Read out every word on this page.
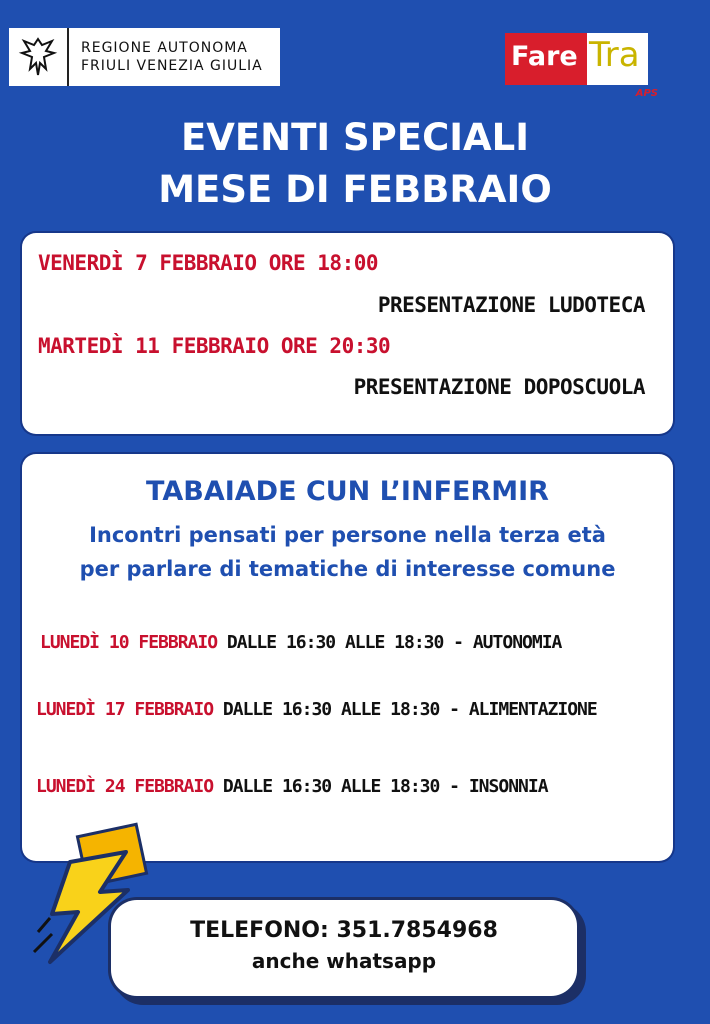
REGIONE AUTONOMA
FRIULI VENEZIA GIULIA	Fare Tra
APS
EVENTI SPECIALI
MESE DI FEBBRAIO
VENERDÌ 7 FEBBRAIO ORE 18:00
PRESENTAZIONE LUDOTECA
MARTEDÌ 11 FEBBRAIO ORE 20:30
PRESENTAZIONE DOPOSCUOLA
TABAIADE CUN L’INFERMIR
Incontri pensati per persone nella terza età
per parlare di tematiche di interesse comune
LUNEDÌ 10 FEBBRAIO DALLE 16:30 ALLE 18:30 - AUTONOMIA
LUNEDÌ 17 FEBBRAIO DALLE 16:30 ALLE 18:30 - ALIMENTAZIONE
LUNEDÌ 24 FEBBRAIO DALLE 16:30 ALLE 18:30 - INSONNIA
TELEFONO: 351.7854968
anche whatsapp
